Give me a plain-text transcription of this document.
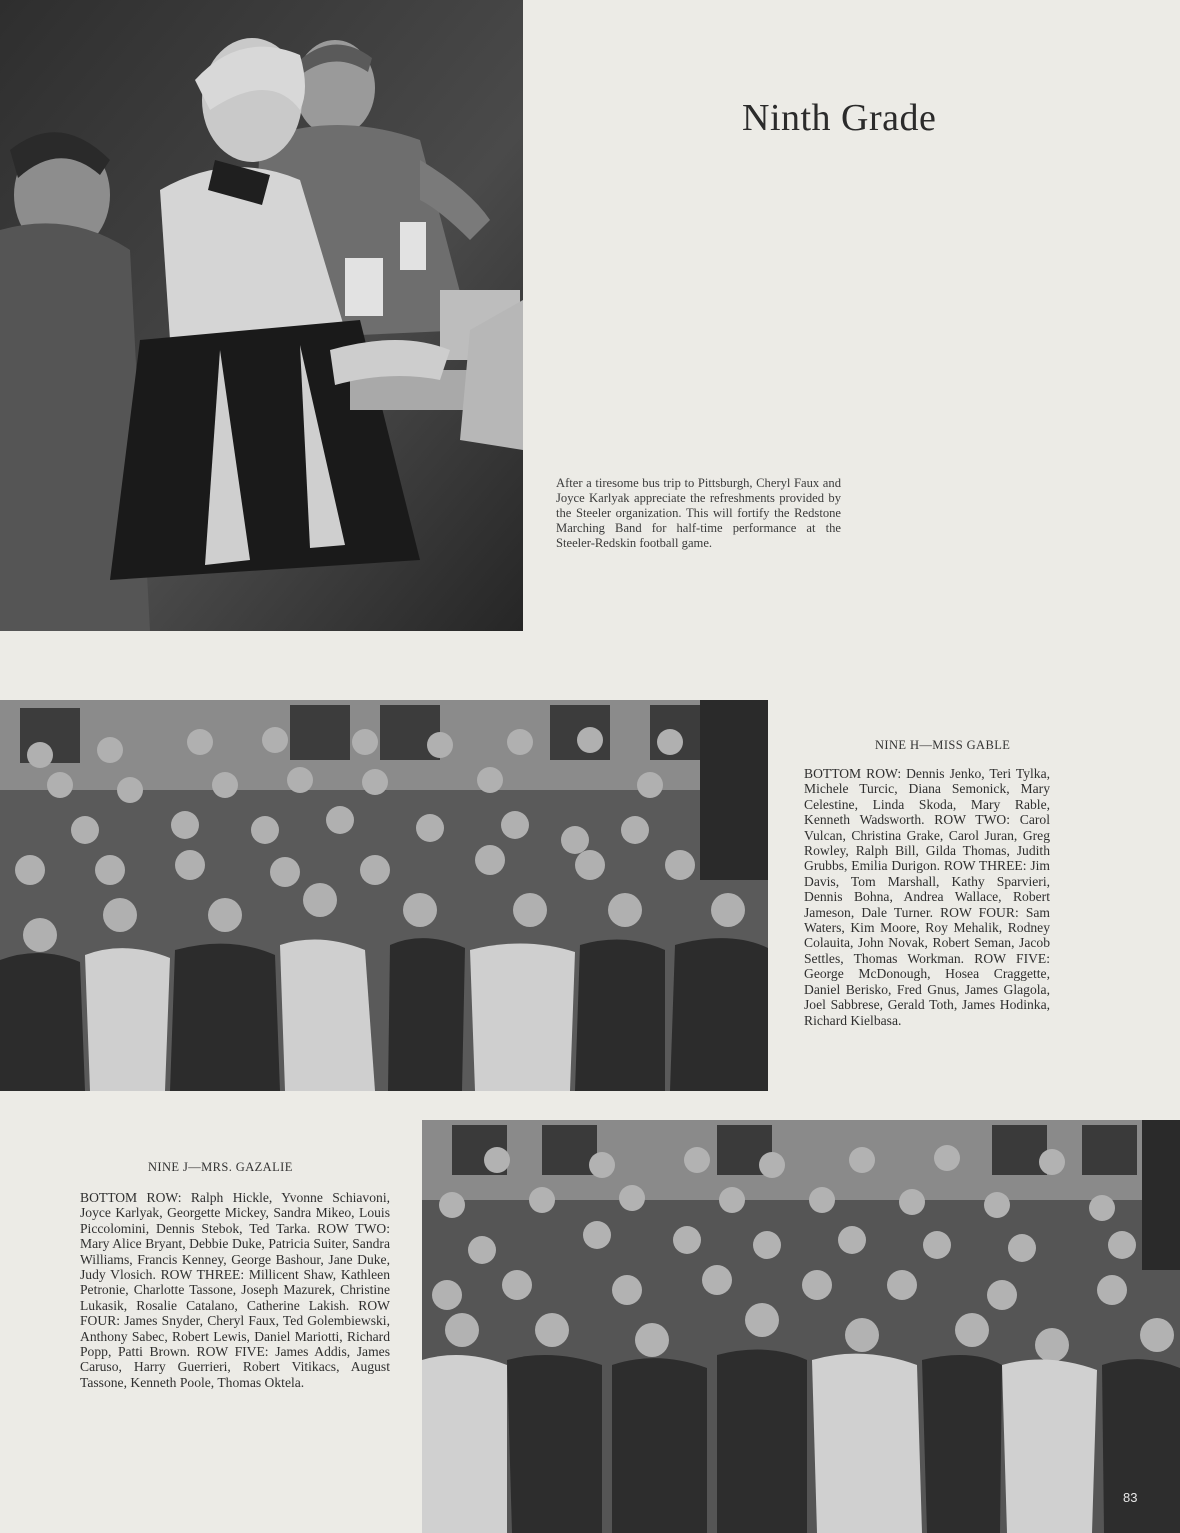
Ninth Grade

After a tiresome bus trip to Pittsburgh, Cheryl Faux and Joyce Karlyak appreciate the refreshments provided by the Steeler organization. This will fortify the Redstone Marching Band for half-time performance at the Steeler-Redskin football game.

NINE H—MISS GABLE

BOTTOM ROW: Dennis Jenko, Teri Tylka, Michele Turcic, Diana Semonick, Mary Celestine, Linda Skoda, Mary Rable, Kenneth Wadsworth. ROW TWO: Carol Vulcan, Christina Grake, Carol Juran, Greg Rowley, Ralph Bill, Gilda Thomas, Judith Grubbs, Emilia Durigon. ROW THREE: Jim Davis, Tom Marshall, Kathy Sparvieri, Dennis Bohna, Andrea Wallace, Robert Jameson, Dale Turner. ROW FOUR: Sam Waters, Kim Moore, Roy Mehalik, Rodney Colauita, John Novak, Robert Seman, Jacob Settles, Thomas Workman. ROW FIVE: George McDonough, Hosea Craggette, Daniel Berisko, Fred Gnus, James Glagola, Joel Sabbrese, Gerald Toth, James Hodinka, Richard Kielbasa.

NINE J—MRS. GAZALIE

BOTTOM ROW: Ralph Hickle, Yvonne Schiavoni, Joyce Karlyak, Georgette Mickey, Sandra Mikeo, Louis Piccolomini, Dennis Stebok, Ted Tarka. ROW TWO: Mary Alice Bryant, Debbie Duke, Patricia Suiter, Sandra Williams, Francis Kenney, George Bashour, Jane Duke, Judy Vlosich. ROW THREE: Millicent Shaw, Kathleen Petronie, Charlotte Tassone, Joseph Mazurek, Christine Lukasik, Rosalie Catalano, Catherine Lakish. ROW FOUR: James Snyder, Cheryl Faux, Ted Golembiewski, Anthony Sabec, Robert Lewis, Daniel Mariotti, Richard Popp, Patti Brown. ROW FIVE: James Addis, James Caruso, Harry Guerrieri, Robert Vitikacs, August Tassone, Kenneth Poole, Thomas Oktela.

83
